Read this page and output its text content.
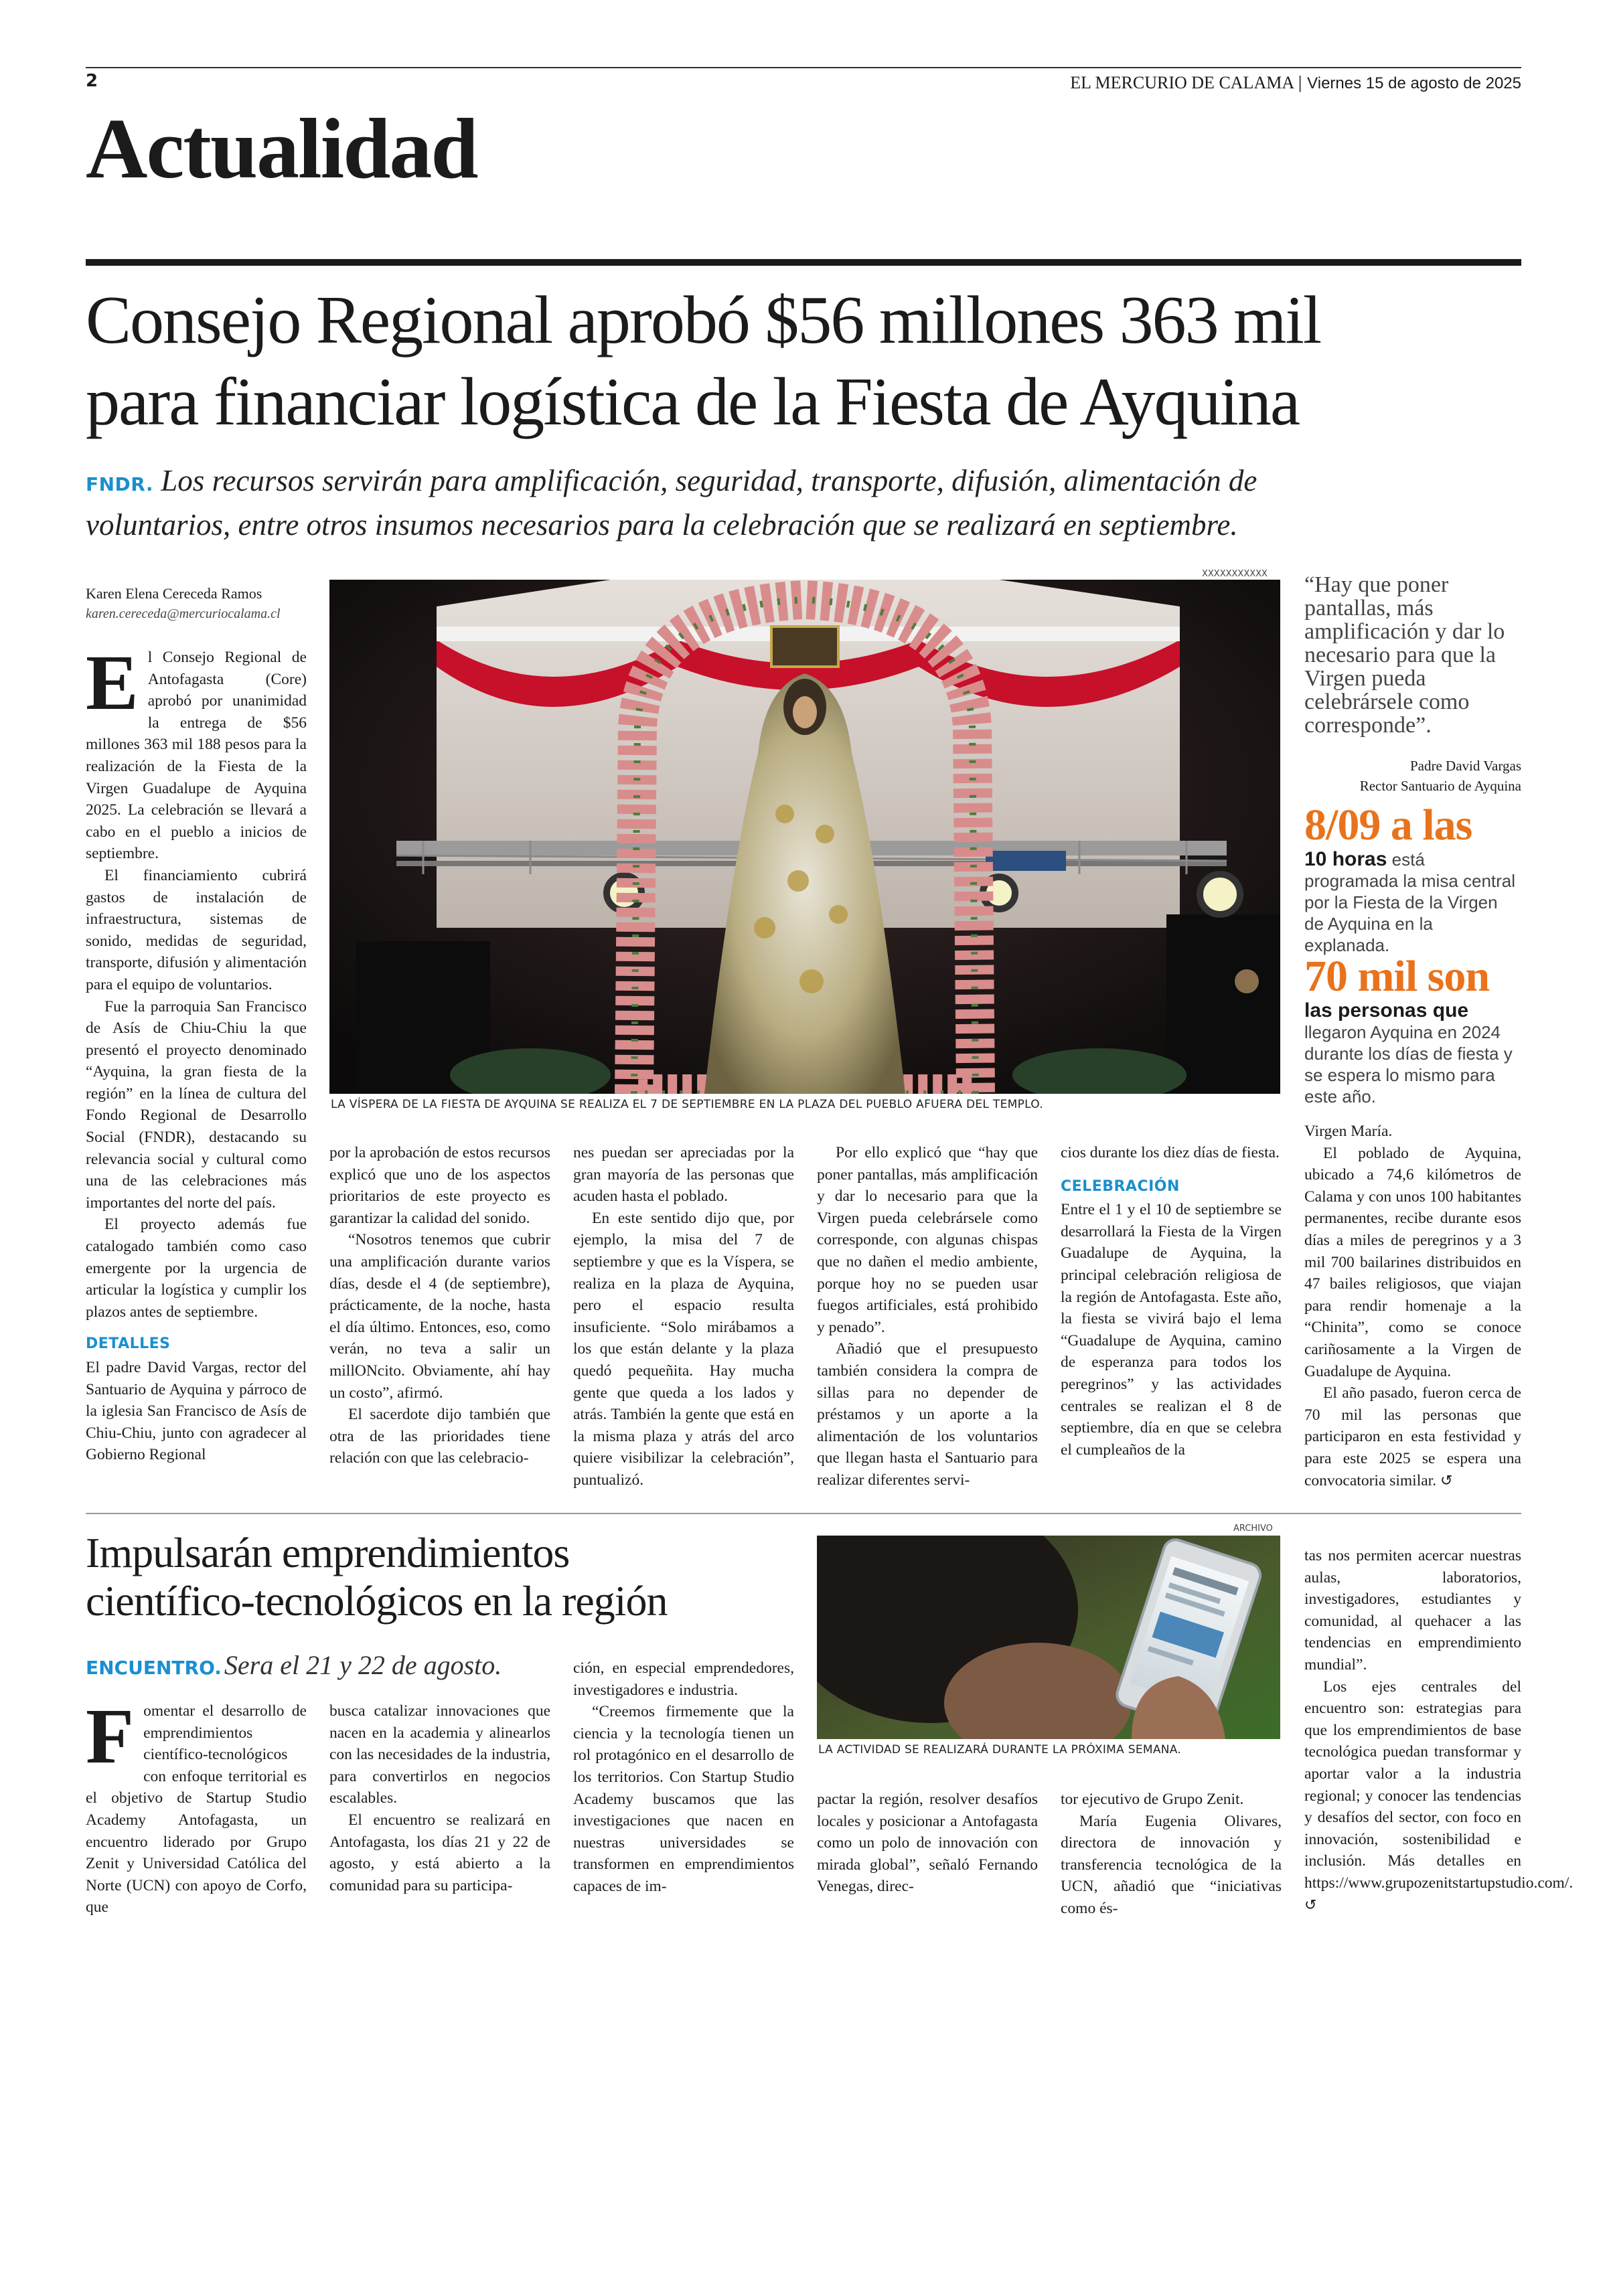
2	EL MERCURIO DE CALAMA | Viernes 15 de agosto de 2025
Actualidad
Consejo Regional aprobó $56 millones 363 mil
para financiar logística de la Fiesta de Ayquina
FNDR. Los recursos servirán para amplificación, seguridad, transporte, difusión, alimentación de
voluntarios, entre otros insumos necesarios para la celebración que se realizará en septiembre.
Karen Elena Cereceda Ramos
karen.cereceda@mercuriocalama.cl
XXXXXXXXXXX
LA VÍSPERA DE LA FIESTA DE AYQUINA SE REALIZA EL 7 DE SEPTIEMBRE EN LA PLAZA DEL PUEBLO AFUERA DEL TEMPLO.

El Consejo Regional de Antofagasta (Core) aprobó por unanimidad la entrega de $56 millones 363 mil 188 pesos para la realización de la Fiesta de la Virgen Guadalupe de Ayquina 2025. La celebración se llevará a cabo en el pueblo a inicios de septiembre.

El financiamiento cubrirá gastos de instalación de infraestructura, sistemas de sonido, medidas de seguridad, transporte, difusión y alimentación para el equipo de voluntarios.

Fue la parroquia San Francisco de Asís de Chiu-Chiu la que presentó el proyecto denominado “Ayquina, la gran fiesta de la región” en la línea de cultura del Fondo Regional de Desarrollo Social (FNDR), destacando su relevancia social y cultural como una de las celebraciones más importantes del norte del país.

El proyecto además fue catalogado también como caso emergente por la urgencia de articular la logística y cumplir los plazos antes de septiembre.

DETALLES

El padre David Vargas, rector del Santuario de Ayquina y párroco de la iglesia San Francisco de Asís de Chiu-Chiu, junto con agradecer al Gobierno Regional

por la aprobación de estos recursos explicó que uno de los aspectos prioritarios de este proyecto es garantizar la calidad del sonido.

“Nosotros tenemos que cubrir una amplificación durante varios días, desde el 4 (de septiembre), prácticamente, de la noche, hasta el día último. Entonces, eso, como verán, no teva a salir un millONcito. Obviamente, ahí hay un costo”, afirmó.

El sacerdote dijo también que otra de las prioridades tiene relación con que las celebracio-

nes puedan ser apreciadas por la gran mayoría de las personas que acuden hasta el poblado.

En este sentido dijo que, por ejemplo, la misa del 7 de septiembre y que es la Víspera, se realiza en la plaza de Ayquina, pero el espacio resulta insuficiente. “Solo mirábamos a los que están delante y la plaza quedó pequeñita. Hay mucha gente que queda a los lados y atrás. También la gente que está en la misma plaza y atrás del arco quiere visibilizar la celebración”, puntualizó.

Por ello explicó que “hay que poner pantallas, más amplificación y dar lo necesario para que la Virgen pueda celebrársele como corresponde, con algunas chispas que no dañen el medio ambiente, porque hoy no se pueden usar fuegos artificiales, está prohibido y penado”.

Añadió que el presupuesto también considera la compra de sillas para no depender de préstamos y un aporte a la alimentación de los voluntarios que llegan hasta el Santuario para realizar diferentes servi-

cios durante los diez días de fiesta.

CELEBRACIÓN

Entre el 1 y el 10 de septiembre se desarrollará la Fiesta de la Virgen Guadalupe de Ayquina, la principal celebración religiosa de la región de Antofagasta. Este año, la fiesta se vivirá bajo el lema “Guadalupe de Ayquina, camino de esperanza para todos los peregrinos” y las actividades centrales se realizan el 8 de septiembre, día en que se celebra el cumpleaños de la

Virgen María.

El poblado de Ayquina, ubicado a 74,6 kilómetros de Calama y con unos 100 habitantes permanentes, recibe durante esos días a miles de peregrinos y a 3 mil 700 bailarines distribuidos en 47 bailes religiosos, que viajan para rendir homenaje a la “Chinita”, como se conoce cariñosamente a la Virgen de Guadalupe de Ayquina.

El año pasado, fueron cerca de 70 mil las personas que participaron en esta festividad y para este 2025 se espera una convocatoria similar. ↺

“Hay que poner pantallas, más amplificación y dar lo necesario para que la Virgen pueda celebrársele como corresponde”.
Padre David Vargas
Rector Santuario de Ayquina
8/09 a las
10 horas está programada la misa central por la Fiesta de la Virgen de Ayquina en la explanada.
70 mil son
las personas que llegaron Ayquina en 2024 durante los días de fiesta y se espera lo mismo para este año.
Impulsarán emprendimientos
científico-tecnológicos en la región
ENCUENTRO. Sera el 21 y 22 de agosto.
ARCHIVO
LA ACTIVIDAD SE REALIZARÁ DURANTE LA PRÓXIMA SEMANA.

Fomentar el desarrollo de emprendimientos científico-tecnológicos con enfoque territorial es el objetivo de Startup Studio Academy Antofagasta, un encuentro liderado por Grupo Zenit y Universidad Católica del Norte (UCN) con apoyo de Corfo, que

busca catalizar innovaciones que nacen en la academia y alinearlos con las necesidades de la industria, para convertirlos en negocios escalables.

El encuentro se realizará en Antofagasta, los días 21 y 22 de agosto, y está abierto a la comunidad para su participa-

ción, en especial emprendedores, investigadores e industria.

“Creemos firmemente que la ciencia y la tecnología tienen un rol protagónico en el desarrollo de los territorios. Con Startup Studio Academy buscamos que las investigaciones que nacen en nuestras universidades se transformen en emprendimientos capaces de im-

pactar la región, resolver desafíos locales y posicionar a Antofagasta como un polo de innovación con mirada global”, señaló Fernando Venegas, direc-

tor ejecutivo de Grupo Zenit.

María Eugenia Olivares, directora de innovación y transferencia tecnológica de la UCN, añadió que “iniciativas como és-

tas nos permiten acercar nuestras aulas, laboratorios, investigadores, estudiantes y comunidad, al quehacer a las tendencias en emprendimiento mundial”.

Los ejes centrales del encuentro son: estrategias para que los emprendimientos de base tecnológica puedan transformar y aportar valor a la industria regional; y conocer las tendencias y desafíos del sector, con foco en innovación, sostenibilidad e inclusión. Más detalles en https://www.grupozenitstartupstudio.com/. ↺
